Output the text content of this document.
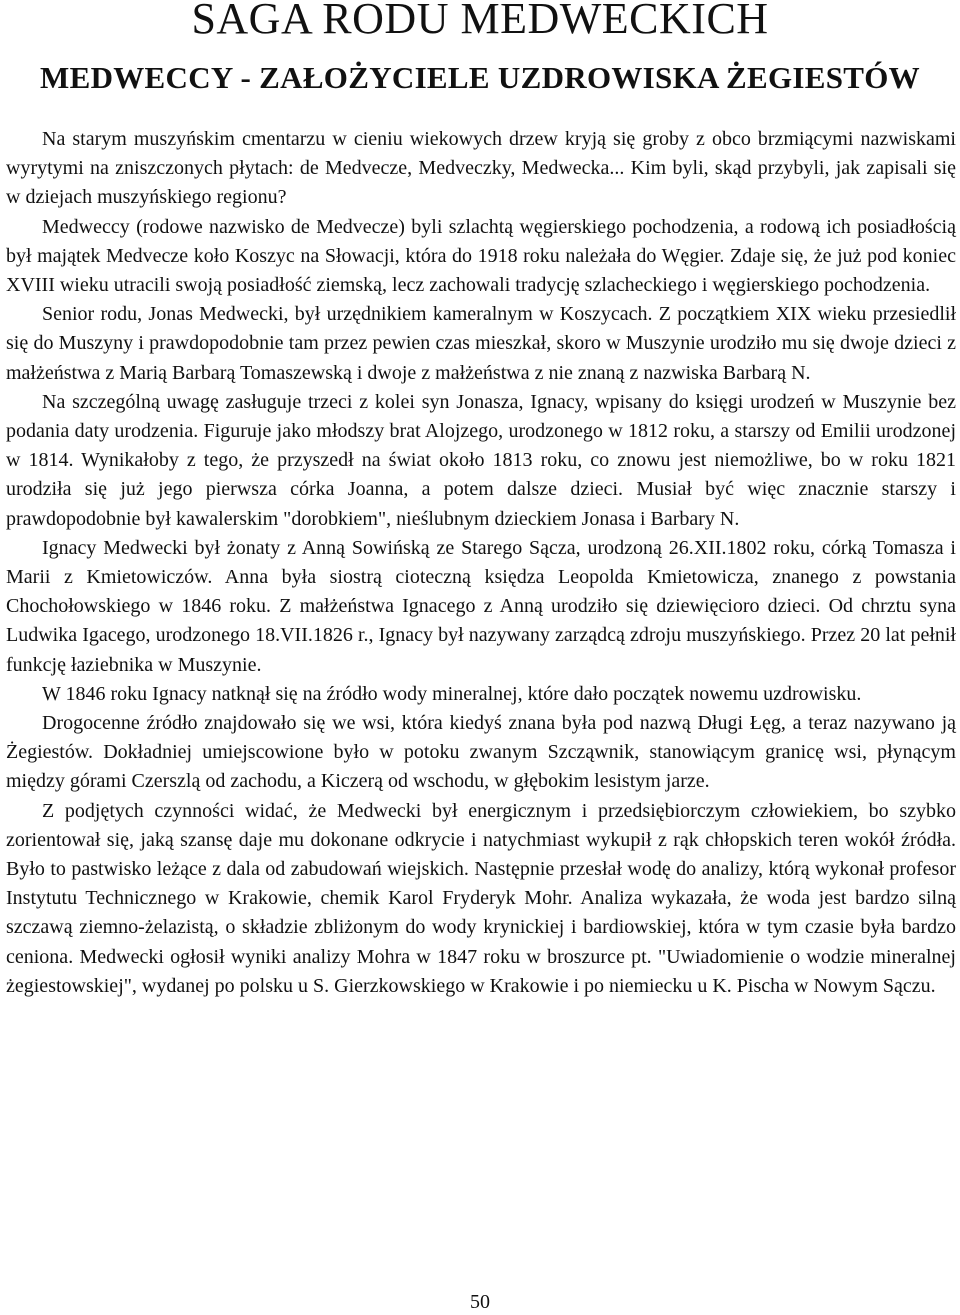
SAGA RODU MEDWECKICH
MEDWECCY - ZAŁOŻYCIELE UZDROWISKA ŻEGIESTÓW

Na starym muszyńskim cmentarzu w cieniu wiekowych drzew kryją się groby z obco brzmiącymi nazwiskami wyrytymi na zniszczonych płytach: de Medvecze, Medveczky, Medwecka... Kim byli, skąd przybyli, jak zapisali się w dziejach muszyńskiego regionu?

Medweccy (rodowe nazwisko de Medvecze) byli szlachtą węgierskiego pochodzenia, a rodową ich posiadłością był majątek Medvecze koło Koszyc na Słowacji, która do 1918 roku należała do Węgier. Zdaje się, że już pod koniec XVIII wieku utracili swoją posiadłość ziemską, lecz zachowali tradycję szlacheckiego i węgierskiego pochodzenia.

Senior rodu, Jonas Medwecki, był urzędnikiem kameralnym w Koszycach. Z początkiem XIX wieku przesiedlił się do Muszyny i prawdopodobnie tam przez pewien czas mieszkał, skoro w Muszynie urodziło mu się dwoje dzieci z małżeństwa z Marią Barbarą Tomaszewską i dwoje z małżeństwa z nie znaną z nazwiska Barbarą N.

Na szczególną uwagę zasługuje trzeci z kolei syn Jonasza, Ignacy, wpisany do księgi urodzeń w Muszynie bez podania daty urodzenia. Figuruje jako młodszy brat Alojzego, urodzonego w 1812 roku, a starszy od Emilii urodzonej w 1814. Wynikałoby z tego, że przyszedł na świat około 1813 roku, co znowu jest niemożliwe, bo w roku 1821 urodziła się już jego pierwsza córka Joanna, a potem dalsze dzieci. Musiał być więc znacznie starszy i prawdopodobnie był kawalerskim "dorobkiem", nieślubnym dzieckiem Jonasa i Barbary N.

Ignacy Medwecki był żonaty z Anną Sowińską ze Starego Sącza, urodzoną 26.XII.1802 roku, córką Tomasza i Marii z Kmietowiczów. Anna była siostrą cioteczną księdza Leopolda Kmietowicza, znanego z powstania Chochołowskiego w 1846 roku. Z małżeństwa Ignacego z Anną urodziło się dziewięcioro dzieci. Od chrztu syna Ludwika Igacego, urodzonego 18.VII.1826 r., Ignacy był nazywany zarządcą zdroju muszyńskiego. Przez 20 lat pełnił funkcję łaziebnika w Muszynie.

W 1846 roku Ignacy natknął się na źródło wody mineralnej, które dało początek nowemu uzdrowisku.

Drogocenne źródło znajdowało się we wsi, która kiedyś znana była pod nazwą Długi Łęg, a teraz nazywano ją Żegiestów. Dokładniej umiejscowione było w potoku zwanym Szcząwnik, stanowiącym granicę wsi, płynącym między górami Czerszlą od zachodu, a Kiczerą od wschodu, w głębokim lesistym jarze.

Z podjętych czynności widać, że Medwecki był energicznym i przedsiębiorczym człowiekiem, bo szybko zorientował się, jaką szansę daje mu dokonane odkrycie i natychmiast wykupił z rąk chłopskich teren wokół źródła. Było to pastwisko leżące z dala od zabudowań wiejskich. Następnie przesłał wodę do analizy, którą wykonał profesor Instytutu Technicznego w Krakowie, chemik Karol Fryderyk Mohr. Analiza wykazała, że woda jest bardzo silną szczawą ziemno-żelazistą, o składzie zbliżonym do wody krynickiej i bardiowskiej, która w tym czasie była bardzo ceniona. Medwecki ogłosił wyniki analizy Mohra w 1847 roku w broszurce pt. "Uwiadomienie o wodzie mineralnej żegiestowskiej", wydanej po polsku u S. Gierzkowskiego w Krakowie i po niemiecku u K. Pischa w Nowym Sączu.

50
